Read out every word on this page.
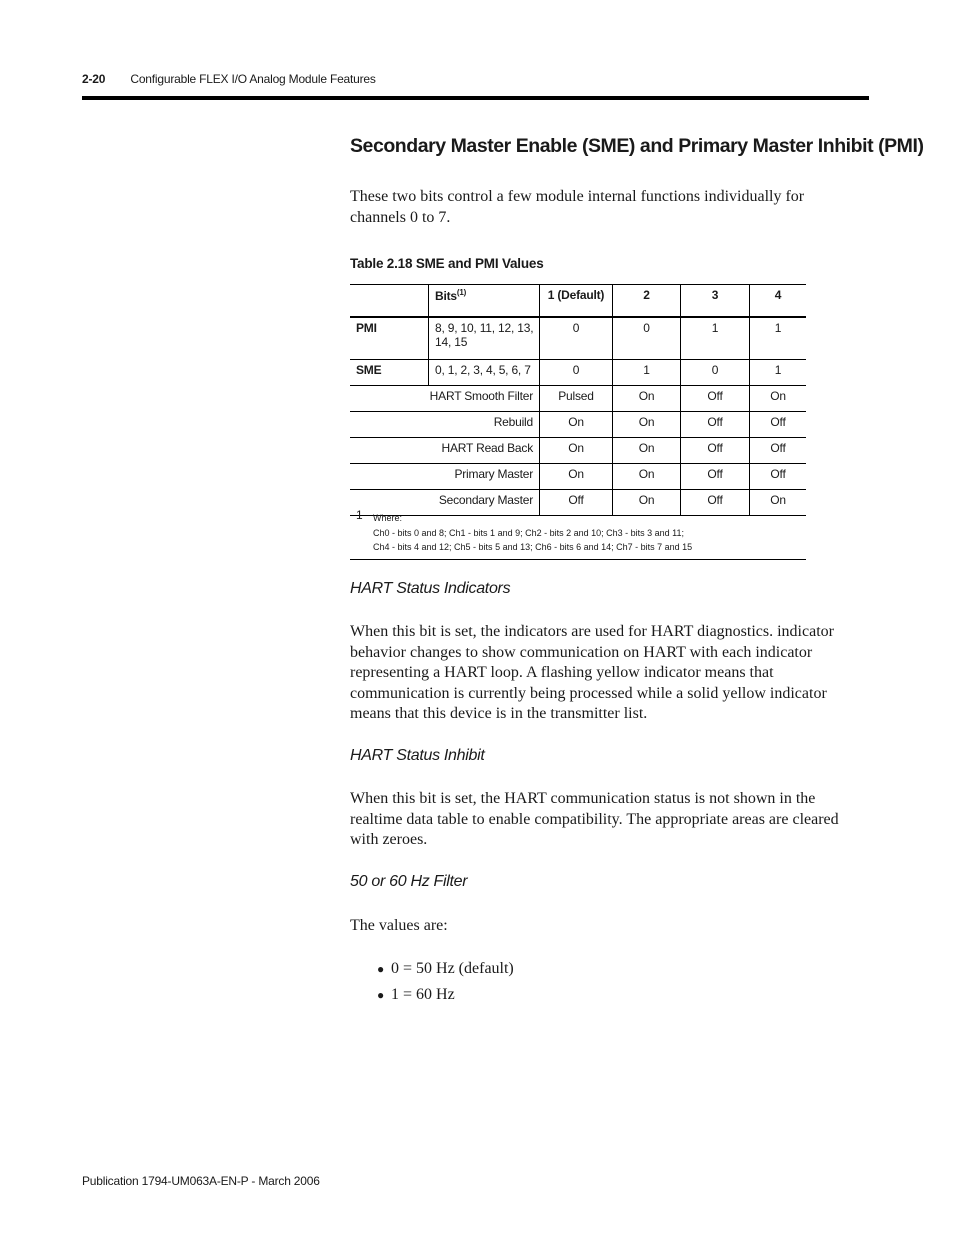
2-20 Configurable FLEX I/O Analog Module Features
Secondary Master Enable (SME) and Primary Master Inhibit (PMI)

These two bits control a few module internal functions individually for channels 0 to 7.

Table 2.18 SME and PMI Values
	Bits$^{(1)}$	1 (Default)	2	3	4
PMI	8, 9, 10, 11, 12, 13, 14, 15	0	0	1	1
SME	0, 1, 2, 3, 4, 5, 6, 7	0	1	0	1
HART Smooth Filter		Pulsed	On	Off	On
Rebuild		On	On	Off	Off
HART Read Back		On	On	Off	Off
Primary Master		On	On	Off	Off
Secondary Master		Off	On	Off	On
1 Where:
Ch0 - bits 0 and 8; Ch1 - bits 1 and 9; Ch2 - bits 2 and 10; Ch3 - bits 3 and 11;
Ch4 - bits 4 and 12; Ch5 - bits 5 and 13; Ch6 - bits 6 and 14; Ch7 - bits 7 and 15
HART Status Indicators

When this bit is set, the indicators are used for HART diagnostics. indicator behavior changes to show communication on HART with each indicator representing a HART loop. A flashing yellow indicator means that communication is currently being processed while a solid yellow indicator means that this device is in the transmitter list.

HART Status Inhibit

When this bit is set, the HART communication status is not shown in the realtime data table to enable compatibility. The appropriate areas are cleared with zeroes.

50 or 60 Hz Filter

The values are:

● 0 = 50 Hz (default)
● 1 = 60 Hz
Publication 1794-UM063A-EN-P - March 2006
